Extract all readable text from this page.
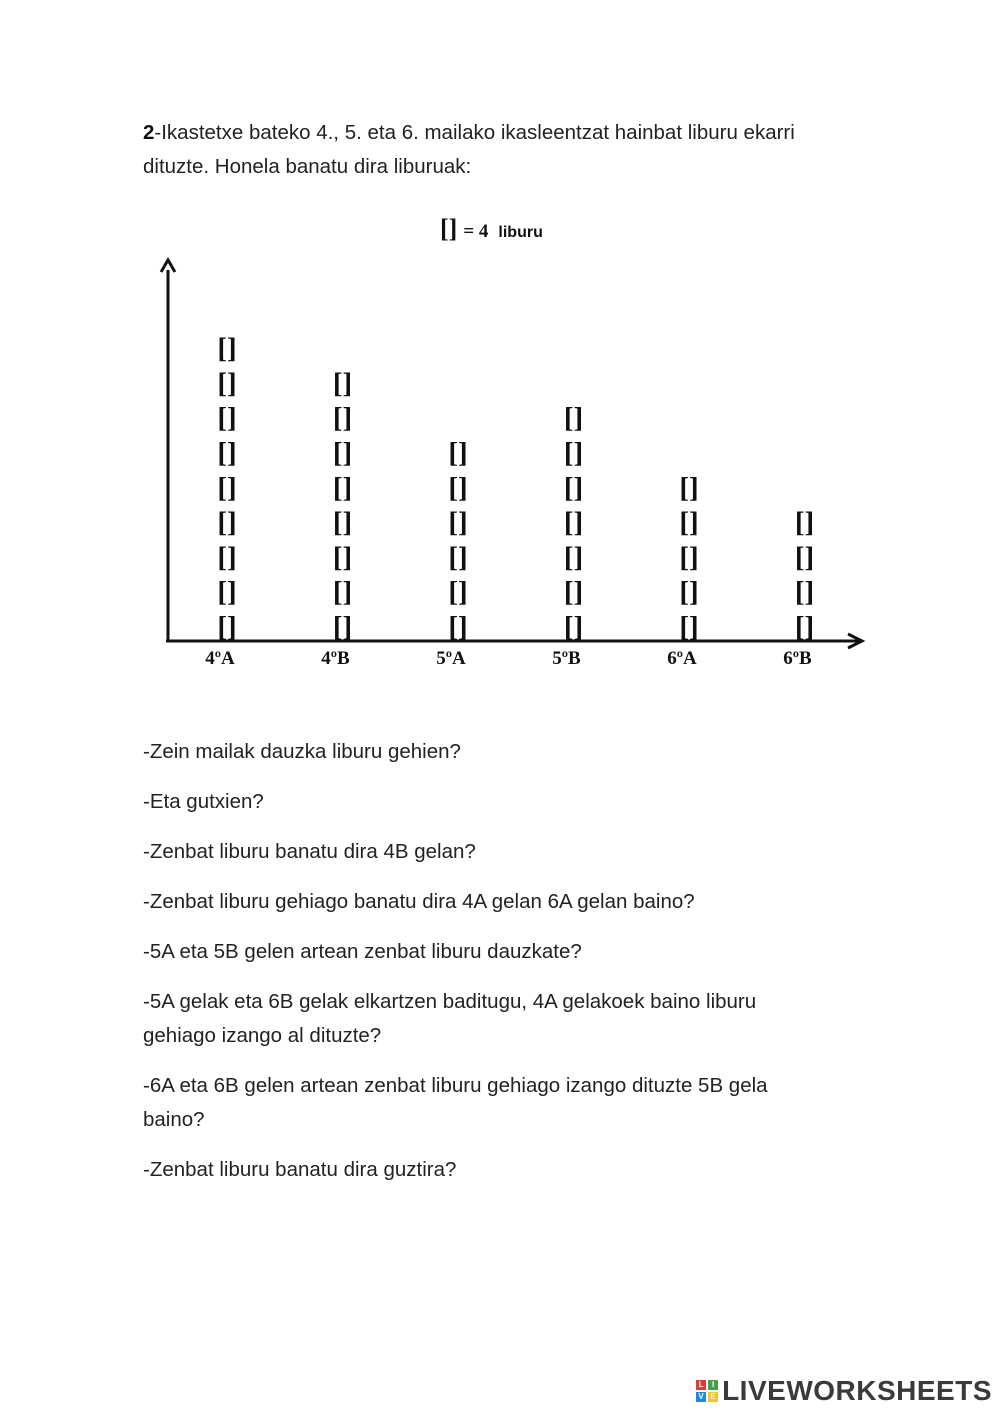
2-Ikastetxe bateko 4., 5. eta 6. mailako ikasleentzat hainbat liburu ekarri
dituzte. Honela banatu dira liburuak:

[] = 4 liburu
[]
[]
[]
[]
[]
[]
[]
[]
[]
4ºA
[]
[]
[]
[]
[]
[]
[]
[]
4ºB
[]
[]
[]
[]
[]
[]
5ºA
[]
[]
[]
[]
[]
[]
[]
5ºB
[]
[]
[]
[]
[]
6ºA
[]
[]
[]
[]
6ºB
-Zein mailak dauzka liburu gehien?
-Eta gutxien?
-Zenbat liburu banatu dira 4B gelan?
-Zenbat liburu gehiago banatu dira 4A gelan 6A gelan baino?
-5A eta 5B gelen artean zenbat liburu dauzkate?
-5A gelak eta 6B gelak elkartzen baditugu, 4A gelakoek baino liburu gehiago izango al dituzte?
-6A eta 6B gelen artean zenbat liburu gehiago izango dituzte 5B gela baino?
-Zenbat liburu banatu dira guztira?
L	I
V E LIVEWORKSHEETS
